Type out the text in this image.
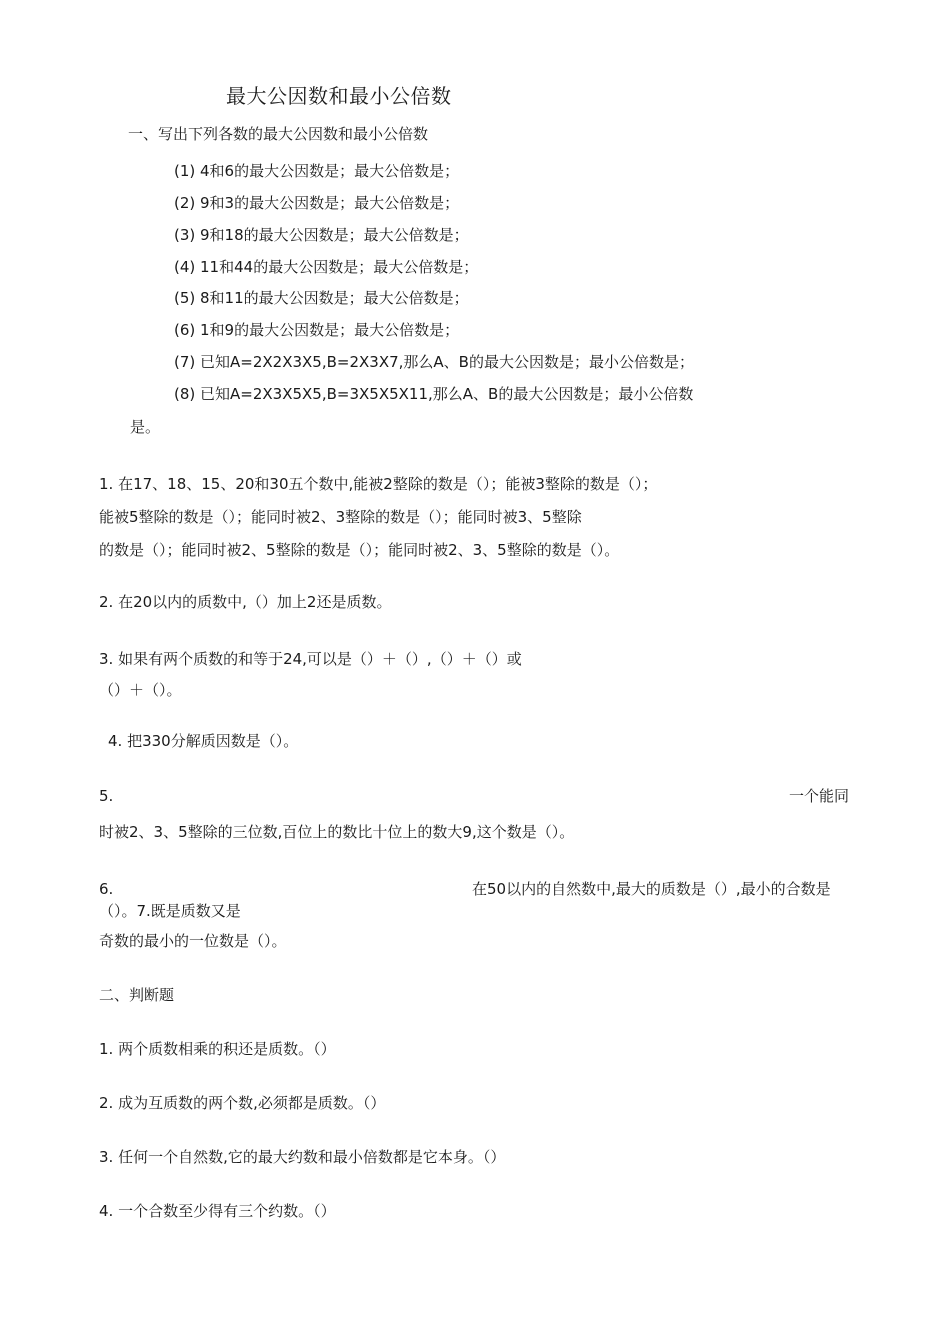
最大公因数和最小公倍数
一、写出下列各数的最大公因数和最小公倍数
(1) 4和6的最大公因数是；最大公倍数是；
(2) 9和3的最大公因数是；最大公倍数是；
(3) 9和18的最大公因数是；最大公倍数是；
(4) 11和44的最大公因数是；最大公倍数是；
(5) 8和11的最大公因数是；最大公倍数是；
(6) 1和9的最大公因数是；最大公倍数是；
(7) 已知A=2X2X3X5,B=2X3X7,那么A、B的最大公因数是；最小公倍数是；
(8) 已知A=2X3X5X5,B=3X5X5X11,那么A、B的最大公因数是；最小公倍数
是。
1. 在17、18、15、20和30五个数中,能被2整除的数是（）；能被3整除的数是（）；
能被5整除的数是（）；能同时被2、3整除的数是（）；能同时被3、5整除
的数是（）；能同时被2、5整除的数是（）；能同时被2、3、5整除的数是（）。
2. 在20以内的质数中,（）加上2还是质数。
3. 如果有两个质数的和等于24,可以是（）＋（）,（）＋（）或
（）＋（）。
4. 把330分解质因数是（）。
5.	一个能同
时被2、3、5整除的三位数,百位上的数比十位上的数大9,这个数是（）。
6.	在50以内的自然数中,最大的质数是（）,最小的合数是
（）。7.既是质数又是
奇数的最小的一位数是（）。
二、判断题
1. 两个质数相乘的积还是质数。（）
2. 成为互质数的两个数,必须都是质数。（）
3. 任何一个自然数,它的最大约数和最小倍数都是它本身。（）
4. 一个合数至少得有三个约数。（）
